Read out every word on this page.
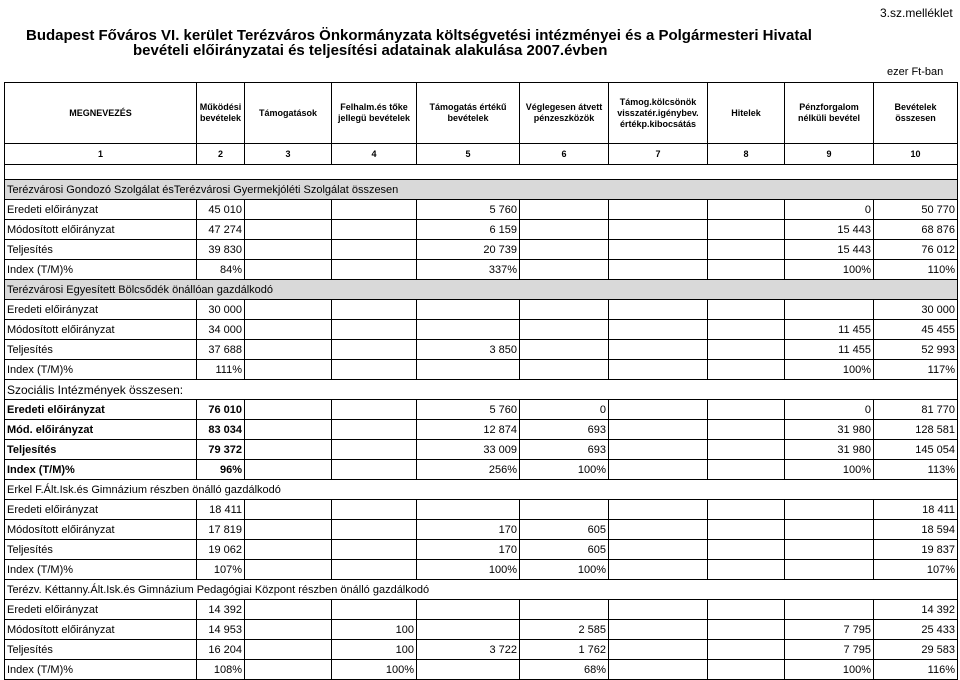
Budapest Főváros VI. kerület Terézváros Önkormányzata költségvetési intézményei és a Polgármesteri Hivatal
bevételi előirányzatai és teljesítési adatainak alakulása 2007.évben
3.sz.melléklet
ezer Ft-ban
MEGNEVEZÉS	Működési bevételek	Támogatások	Felhalm.és tőke jellegü bevételek	Támogatás értékű bevételek	Véglegesen átvett pénzeszközök	Támog.kölcsönök visszatér.igénybev. értékp.kibocsátás	Hitelek	Pénzforgalom nélküli bevétel	Bevételek összesen
1	2	3	4	5	6	7	8	9	10

Terézvárosi Gondozó Szolgálat ésTerézvárosi Gyermekjóléti Szolgálat összesen									
Eredeti előirányzat	45 010			5 760				0	50 770
Módosított előirányzat	47 274			6 159				15 443	68 876
Teljesítés	39 830			20 739				15 443	76 012
Index (T/M)%	84%			337%				100%	110%
Terézvárosi Egyesített Bölcsődék önállóan gazdálkodó									
Eredeti előirányzat	30 000								30 000
Módosított előirányzat	34 000							11 455	45 455
Teljesítés	37 688			3 850				11 455	52 993
Index (T/M)%	111%							100%	117%
Szociális Intézmények összesen:									
Eredeti előirányzat	76 010			5 760	0			0	81 770
Mód. előirányzat	83 034			12 874	693			31 980	128 581
Teljesítés	79 372			33 009	693			31 980	145 054
Index (T/M)%	96%			256%	100%			100%	113%
Erkel F.Ált.Isk.és Gimnázium részben önálló gazdálkodó									
Eredeti előirányzat	18 411								18 411
Módosított előirányzat	17 819			170	605				18 594
Teljesítés	19 062			170	605				19 837
Index (T/M)%	107%			100%	100%				107%
Terézv. Kéttanny.Ált.Isk.és Gimnázium Pedagógiai Központ részben önálló gazdálkodó									
Eredeti előirányzat	14 392								14 392
Módosított előirányzat	14 953		100		2 585			7 795	25 433
Teljesítés	16 204		100	3 722	1 762			7 795	29 583
Index (T/M)%	108%		100%		68%			100%	116%
